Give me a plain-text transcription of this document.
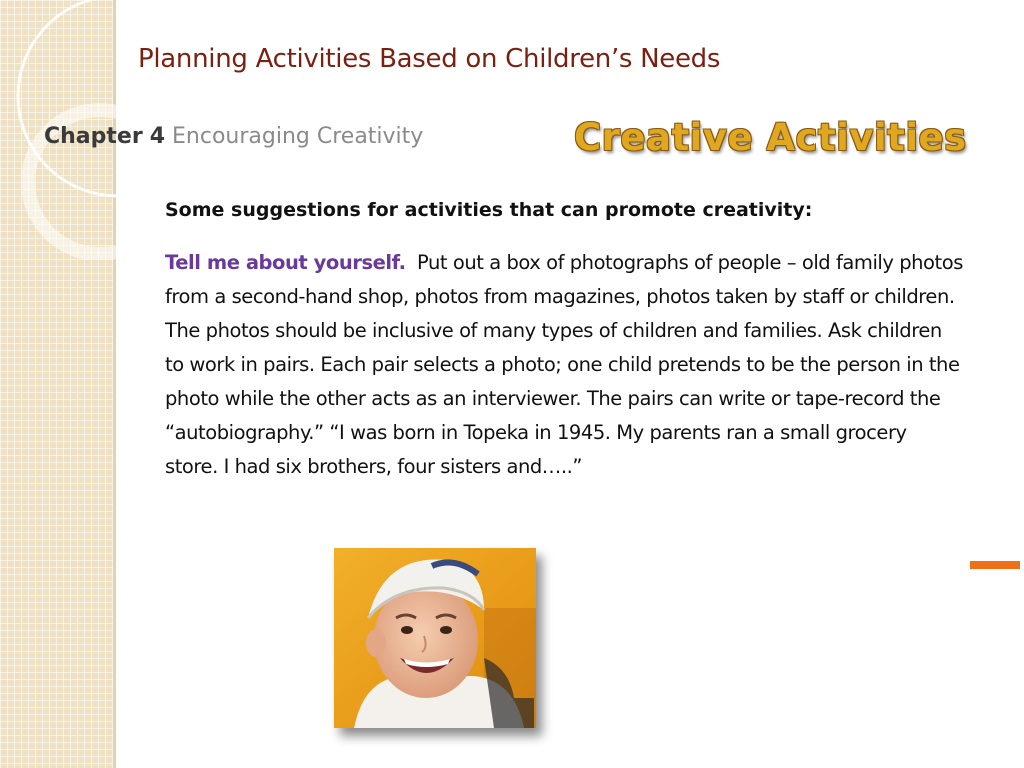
Planning Activities Based on Children’s Needs
Chapter 4 Encouraging Creativity	Creative Activities

Some suggestions for activities that can promote creativity:

Tell me about yourself. Put out a box of photographs of people – old family photos from a second-hand shop, photos from magazines, photos taken by staff or children. The photos should be inclusive of many types of children and families. Ask children to work in pairs. Each pair selects a photo; one child pretends to be the person in the photo while the other acts as an interviewer. The pairs can write or tape-record the “autobiography.” “I was born in Topeka in 1945. My parents ran a small grocery store. I had six brothers, four sisters and…..”
